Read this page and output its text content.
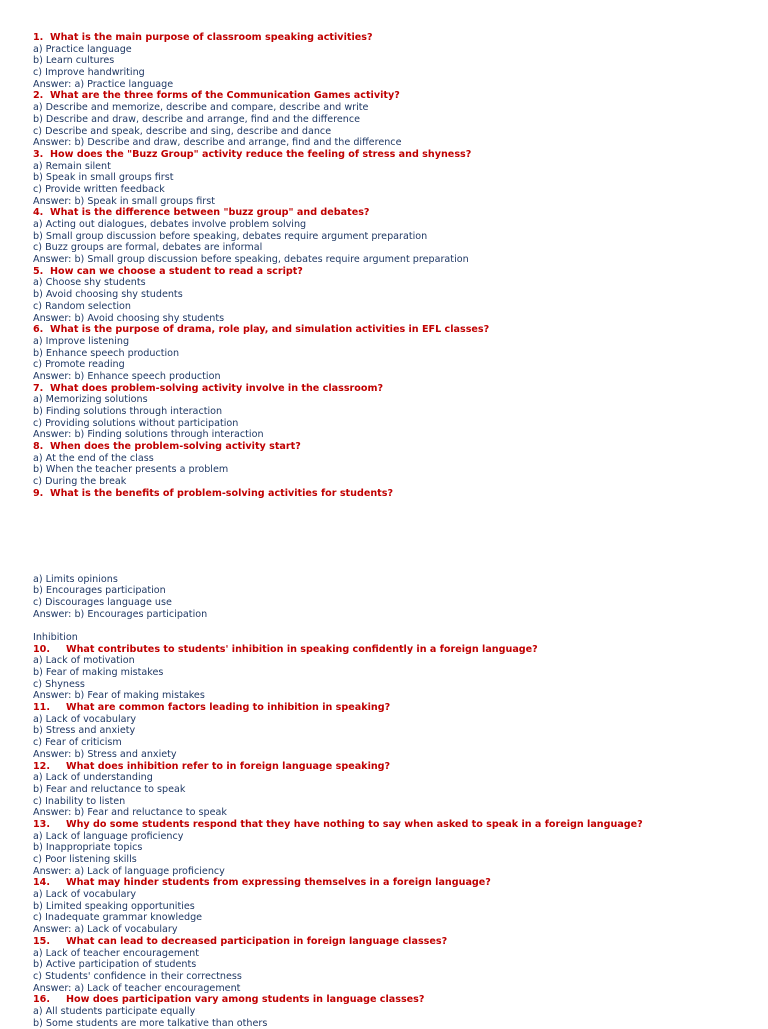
1. What is the main purpose of classroom speaking activities?
a) Practice language
b) Learn cultures
c) Improve handwriting
Answer: a) Practice language
2. What are the three forms of the Communication Games activity?
a) Describe and memorize, describe and compare, describe and write
b) Describe and draw, describe and arrange, find and the difference
c) Describe and speak, describe and sing, describe and dance
Answer: b) Describe and draw, describe and arrange, find and the difference
3. How does the "Buzz Group" activity reduce the feeling of stress and shyness?
a) Remain silent
b) Speak in small groups first
c) Provide written feedback
Answer: b) Speak in small groups first
4. What is the difference between "buzz group" and debates?
a) Acting out dialogues, debates involve problem solving
b) Small group discussion before speaking, debates require argument preparation
c) Buzz groups are formal, debates are informal
Answer: b) Small group discussion before speaking, debates require argument preparation
5. How can we choose a student to read a script?
a) Choose shy students
b) Avoid choosing shy students
c) Random selection
Answer: b) Avoid choosing shy students
6. What is the purpose of drama, role play, and simulation activities in EFL classes?
a) Improve listening
b) Enhance speech production
c) Promote reading
Answer: b) Enhance speech production
7. What does problem-solving activity involve in the classroom?
a) Memorizing solutions
b) Finding solutions through interaction
c) Providing solutions without participation
Answer: b) Finding solutions through interaction
8. When does the problem-solving activity start?
a) At the end of the class
b) When the teacher presents a problem
c) During the break
9. What is the benefits of problem-solving activities for students?
a) Limits opinions
b) Encourages participation
c) Discourages language use
Answer: b) Encourages participation
Inhibition
10. What contributes to students' inhibition in speaking confidently in a foreign language?
a) Lack of motivation
b) Fear of making mistakes
c) Shyness
Answer: b) Fear of making mistakes
11. What are common factors leading to inhibition in speaking?
a) Lack of vocabulary
b) Stress and anxiety
c) Fear of criticism
Answer: b) Stress and anxiety
12. What does inhibition refer to in foreign language speaking?
a) Lack of understanding
b) Fear and reluctance to speak
c) Inability to listen
Answer: b) Fear and reluctance to speak
13. Why do some students respond that they have nothing to say when asked to speak in a foreign language?
a) Lack of language proficiency
b) Inappropriate topics
c) Poor listening skills
Answer: a) Lack of language proficiency
14. What may hinder students from expressing themselves in a foreign language?
a) Lack of vocabulary
b) Limited speaking opportunities
c) Inadequate grammar knowledge
Answer: a) Lack of vocabulary
15. What can lead to decreased participation in foreign language classes?
a) Lack of teacher encouragement
b) Active participation of students
c) Students' confidence in their correctness
Answer: a) Lack of teacher encouragement
16. How does participation vary among students in language classes?
a) All students participate equally
b) Some students are more talkative than others
